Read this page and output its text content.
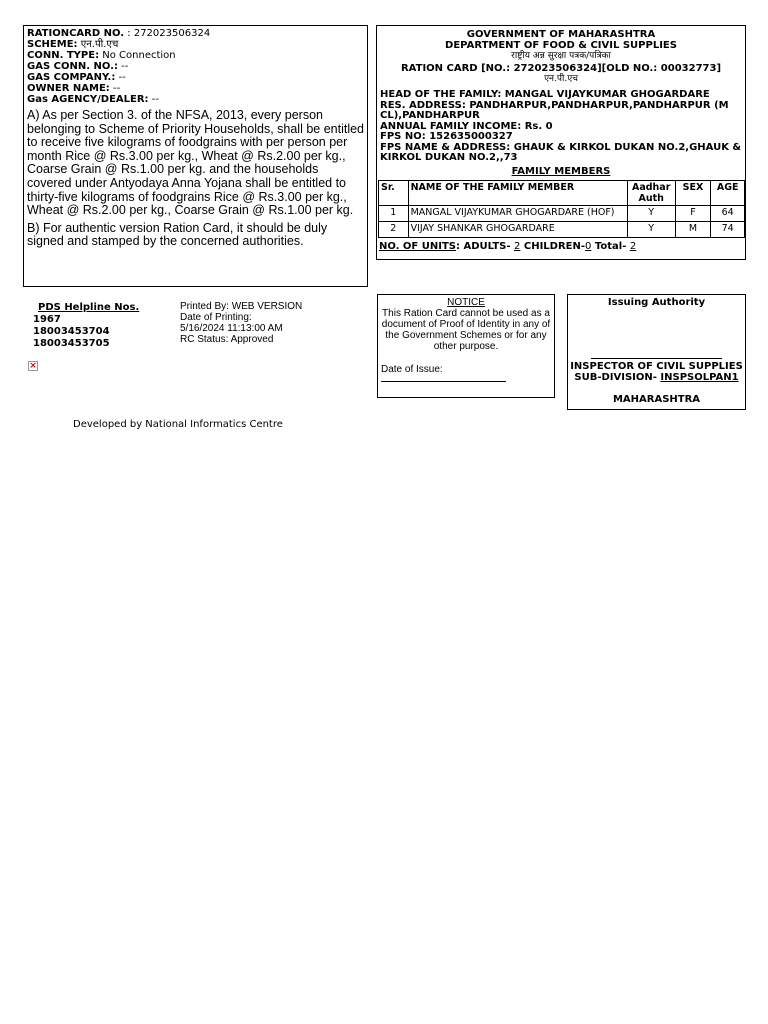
RATIONCARD NO. : 272023506324
SCHEME: एन.पी.एच
CONN. TYPE: No Connection
GAS CONN. NO.: --
GAS COMPANY.: --
OWNER NAME: --
Gas AGENCY/DEALER: --
A) As per Section 3. of the NFSA, 2013, every person belonging to Scheme of Priority Households, shall be entitled to receive five kilograms of foodgrains with per person per month Rice @ Rs.3.00 per kg., Wheat @ Rs.2.00 per kg., Coarse Grain @ Rs.1.00 per kg. and the households covered under Antyodaya Anna Yojana shall be entitled to thirty-five kilograms of foodgrains Rice @ Rs.3.00 per kg., Wheat @ Rs.2.00 per kg., Coarse Grain @ Rs.1.00 per kg.
B) For authentic version Ration Card, it should be duly signed and stamped by the concerned authorities.
GOVERNMENT OF MAHARASHTRA
DEPARTMENT OF FOOD & CIVIL SUPPLIES
राष्ट्रीय अन्न सुरक्षा पत्रक/पत्रिका
RATION CARD [NO.: 272023506324][OLD NO.: 00032773]
एन.पी.एच
HEAD OF THE FAMILY: MANGAL VIJAYKUMAR GHOGARDARE
RES. ADDRESS: PANDHARPUR,PANDHARPUR,PANDHARPUR (M CL),PANDHARPUR
ANNUAL FAMILY INCOME: Rs. 0
FPS NO: 152635000327
FPS NAME & ADDRESS: GHAUK & KIRKOL DUKAN NO.2,GHAUK & KIRKOL DUKAN NO.2,,73
FAMILY MEMBERS
Sr.	NAME OF THE FAMILY MEMBER	Aadhar Auth	SEX	AGE
1	MANGAL VIJAYKUMAR GHOGARDARE (HOF)	Y	F	64
2	VIJAY SHANKAR GHOGARDARE	Y	M	74
NO. OF UNITS: ADULTS- 2 CHILDREN-0 Total- 2
PDS Helpline Nos.
1967
18003453704
18003453705
Printed By: WEB VERSION
Date of Printing:
5/16/2024 11:13:00 AM
RC Status: Approved
×
NOTICE
This Ration Card cannot be used as a document of Proof of Identity in any of the Government Schemes or for any other purpose.
Date of Issue:
Issuing Authority
INSPECTOR OF CIVIL SUPPLIES
SUB-DIVISION- INSPSOLPAN1
MAHARASHTRA
Developed by National Informatics Centre
